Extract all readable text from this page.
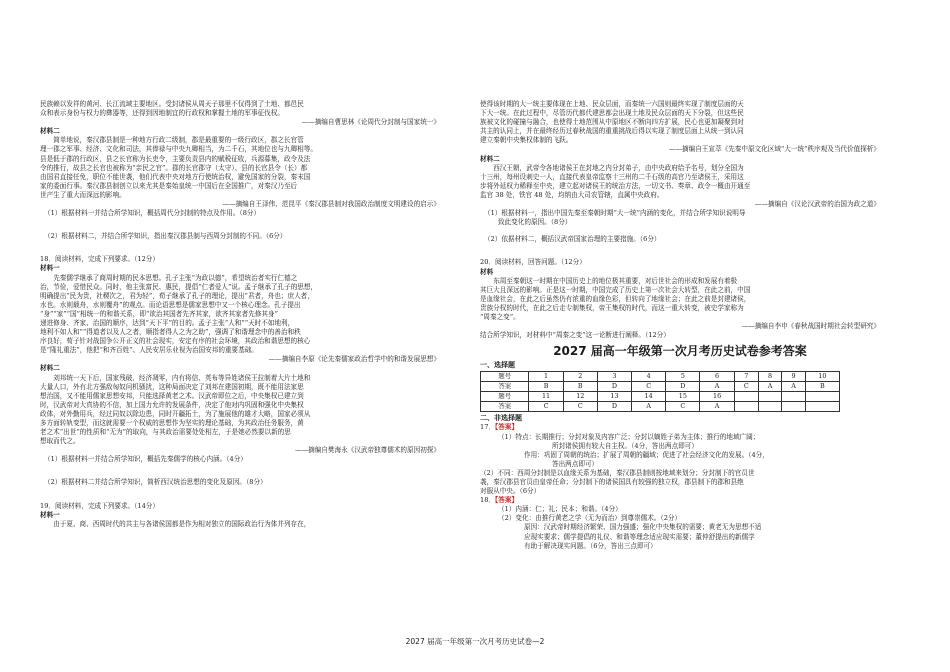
民族赖以发祥的黄河、长江流域主要地区。受封诸侯从周天子那里不仅得到了土地、都邑民

众和表示身份与权力的彝器等，还得到因地制宜的行政权和掌握土地的军事征伐权。

——摘编自曹思林《论周代分封制与国家统一》

材料二

简单地说，秦汉郡县制是一种地方行政二级制，郡是最重要的一级行政区，郡之长官管

理一郡之军事、经济、文化和司法，其俸禄与中央九卿相当，为二千石，其地位也与九卿相等。

县是低于郡的行政区，县之长官称为长吏令，主要负责县内的赋税征收，兵源募集，政令及法

令的推行，故县之长官也被称为“亲民之官”。郡的长官郡守（太守）、县的长官县令（长）都

由国君直接任免，职位不能世袭，他们代表中央对地方行使统治权，避免国家的分裂，秦末国

家的委面行事。秦汉郡县制创立以来尤其是秦始皇统一中国后在全国推广，对秦汉乃至后

世产生了重大而深远的影响。

——摘编自王泽伟、范昆平《秦汉郡县制对我国政治制度文明建设的启示》

（1）根据材料一并结合所学知识，概括周代分封制的特点及作用。（8分）

（2）根据材料二，并结合所学知识，指出秦汉郡县制与西周分封制的不同。（6分）

18．阅读材料，完成下列要求。（12分）

材料一

先秦儒学继承了商周时期的民本思想。孔子主张“为政以德”，希望统治者实行仁德之

治，节俭，爱惜民众。同时，他主张富民、惠民，提倡“仁者爱人”说。孟子继承了孔子的思想，

明确提出“民为贵，社稷次之，君为轻”，荀子继承了孔子的理论，提出“君者，舟也；庶人者，

水也。水则载舟，水则覆舟”的观点。而论语思想是儒家思想中又一个核心理念。孔子提出

“身”“家”“国”相统一的和谐关系，即“欲治其国者先齐其家，欲齐其家者先修其身”

递进修身、齐家、治国的顺序，达到“天下平”的目的。孟子主张“人和”“天时不如地利，

地利不如人和”“得道者以及人之者，顺指者得人之为之助”，强调了和谐理念中的善治和秩

序良好，荀子针对战国争公开正义的社会现实，安定有序的社会环境，其政治和谐思想的核心

是“隆礼重法”，他把“和齐百姓”、人民安居乐业视为治国安邦的重要基础。

——摘编自李原《论先秦儒家政治哲学中的和谐发展思想》

材料二

刘邦统一天下后，国家残破，经济凋零，内有将信、英布等异姓诸侯王拉制着大片土地和

大量人口，外有北方强敌匈奴问机骚扰，这种局面决定了刘邦在建国初期，既不能用法家思

想治国，又不能用儒家思想安邦，只能选择黄老之术。汉武帝即位之后，中央集权已建立到

时，汉武帝对大真协的不信，加上国力允许的发展条件，决定了他对内巩固和强化中央集权

政体，对外勤用兵，经过同奴以除边患，同时开疆拓土，为了施展他的雄才大略，国家必须从

多方面转轨变型，而这就需要一个权威的思想作为坚实的理论基础，为其政治任务服务，黄

老之术“出世”的性质和“无为”的取向，与其政治需要处处相左，于是她必然要以新的思

想取而代之。

——摘编自樊海永《汉武帝独尊儒术的原因初探》

（1）根据材料一并结合所学知识，概括先秦儒学的核心内涵。（4分）

（2）根据材料二并结合所学知识，简析西汉统治思想的变化及原因。（8分）

19．阅读材料，完成下列要求。（14分）

材料一

由于夏、商、西周时代的共主与各诸侯国都是作为相对独立的国际政治行为体并列存在，

使得该时期的大一统主要体现在上地、民众层面，而秦统一六国则最终实现了制度层面的天

下大一统。在此过程中，尽管历代都代建思都会出现土地及民众层面的天下分裂，但这些民

族被文化的碰撞与融合，也使得土地范围从中原地区不断向四方扩展，民心也更加凝聚到对

共主的认同上，并在最终经历过春秋战国的重重挑战后得以实现了制度层面上从统一到认同

建立秦朝中央集权体制的飞跃。

——摘编自王宣萃《先秦中原文化区域“大一统”秩序观及当代价值探析》

材料二

西汉王朝，武帝令各地诸侯王在封地之内分封弟子，由中央政府给予名号，划分全国为

十三州，每州设刺史一人，直接代表皇帝监察十三州的二千石级的高官乃至诸侯王，采用这

步将外延权力稀释至中央，建立起对诸侯王的统治方法，一切文书、奏章、政令一概由开通至

监官 38 处，铁官 48 处，均纳由大司农管辖，直属中央政府。

——摘编自《汉论汉武帝的治国为政之道》

（1）根据材料一，指出中国先秦至秦朝时期“大一统”内涵的变化，并结合所学知识说明导

致此变化的原因。（8分）

（2）依据材料二，概括汉武帝国家治理的主要措施。（6分）

20．阅读材料，回答问题。（12分）

材料

东周至秦朝这一时期在中国历史上的地位极其重要，对后世社会的形成和发展有着极

其巨大且深远的影响。正是这一时期，中国完成了历史上第一次社会大转型，在此之前，中国

是血缘社会，在此之后虽然仍有浓重的血缘色彩，但转向了地缘社会；在此之前是封建诸侯，

贵族分权的时代，在此之后走专制集权，帝王集权的时代，而这一重大转变，被史学家称为

“周秦之变”。

——摘编自李申《春秋战国时期社会转型研究》

结合所学知识，对材料中“周秦之变”这一论断进行阐释。（12分）

2027 届高一年级第一次月考历史试卷参考答案

一、选择题

题号	1	2	3	4	5	6	7	8	9	10
答案	B	B	D	C	D	A	C	A	A	B
题号	11	12	13	14	15	16				
答案	C	C	D	A	C	A				

二、非选择题

17．【答案】

（1）特点：长期推行；分封对象及内容广泛；分封以嫡姓子弟为主体；推行的地域广阔；

所封诸侯拥有较大自主权。（4分，答出两点即可）

作用：巩固了周朝的统治；扩展了周朝的疆域；促进了社会经济文化的发展。（4分，

答出两点即可）

（2）不同：西周分封制是以血缘关系为基础，秦汉郡县制则按地域来划分；分封制下的官员世

袭，秦汉郡县官员由皇帝任命；分封制下的诸侯国具有较强的独立权，郡县制下的郡和县绝

对服从中央。（6分）

18．【答案】

（1）内涵：仁；礼；民本；和谐。（4分）

（2）变化：由推行黄老之学（无为而治）到尊崇儒术。（2分）

原因：汉武帝时期经济繁荣、国力强盛；强化中央集权的需要；黄老无为思想不适

应现实要求；儒学提倡的礼仪、和谐等理念适应现实需要；董仲舒提出的新儒学

有助于解决现实问题。（6分，答出三点即可）

2027 届高一年级第一次月考历史试卷—2
